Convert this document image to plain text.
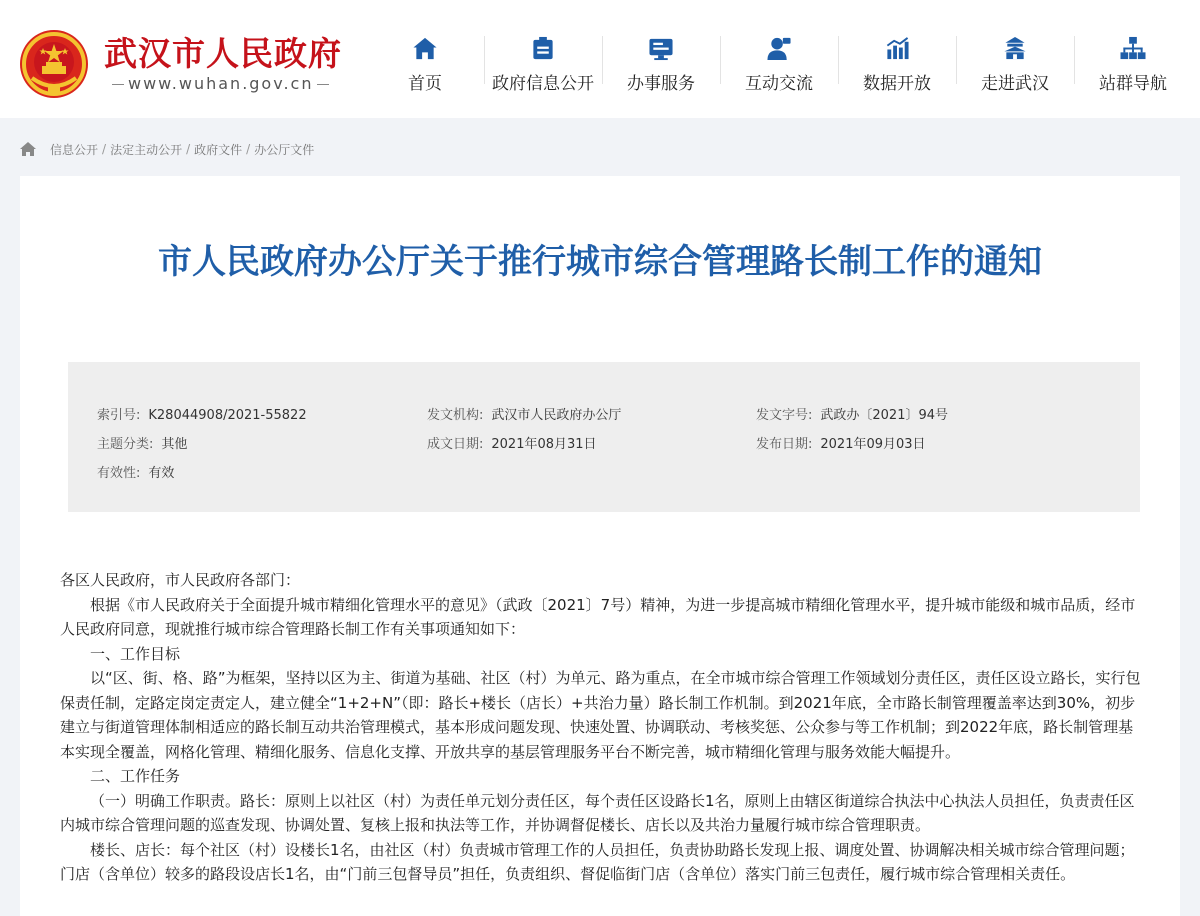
武汉市人民政府
www.wuhan.gov.cn	首页	政府信息公开 办事服务	互动交流	数据开放	走进武汉	站群导航
信息公开 / 法定主动公开 / 政府文件 / 办公厅文件
市人民政府办公厅关于推行城市综合管理路长制工作的通知
索引号: K28044908/2021-55822	发文机构: 武汉市人民政府办公厅	发文字号: 武政办〔2021〕94号
主题分类: 其他	成文日期: 2021年08月31日	发布日期: 2021年09月03日
有效性: 有效

各区人民政府，市人民政府各部门：

根据《市人民政府关于全面提升城市精细化管理水平的意见》（武政〔2021〕7号）精神，为进一步提高城市精细化管理水平，提升城市能级和城市品质，经市人民政府同意，现就推行城市综合管理路长制工作有关事项通知如下：

一、工作目标

以“区、街、格、路”为框架，坚持以区为主、街道为基础、社区（村）为单元、路为重点，在全市城市综合管理工作领域划分责任区，责任区设立路长，实行包保责任制，定路定岗定责定人，建立健全“1+2+N”（即：路长+楼长（店长）+共治力量）路长制工作机制。到2021年底，全市路长制管理覆盖率达到30%，初步建立与街道管理体制相适应的路长制互动共治管理模式，基本形成问题发现、快速处置、协调联动、考核奖惩、公众参与等工作机制；到2022年底，路长制管理基本实现全覆盖，网格化管理、精细化服务、信息化支撑、开放共享的基层管理服务平台不断完善，城市精细化管理与服务效能大幅提升。

二、工作任务

（一）明确工作职责。路长：原则上以社区（村）为责任单元划分责任区，每个责任区设路长1名，原则上由辖区街道综合执法中心执法人员担任，负责责任区内城市综合管理问题的巡查发现、协调处置、复核上报和执法等工作，并协调督促楼长、店长以及共治力量履行城市综合管理职责。

楼长、店长：每个社区（村）设楼长1名，由社区（村）负责城市管理工作的人员担任，负责协助路长发现上报、调度处置、协调解决相关城市综合管理问题；门店（含单位）较多的路段设店长1名，由“门前三包督导员”担任，负责组织、督促临街门店（含单位）落实门前三包责任，履行城市综合管理相关责任。
